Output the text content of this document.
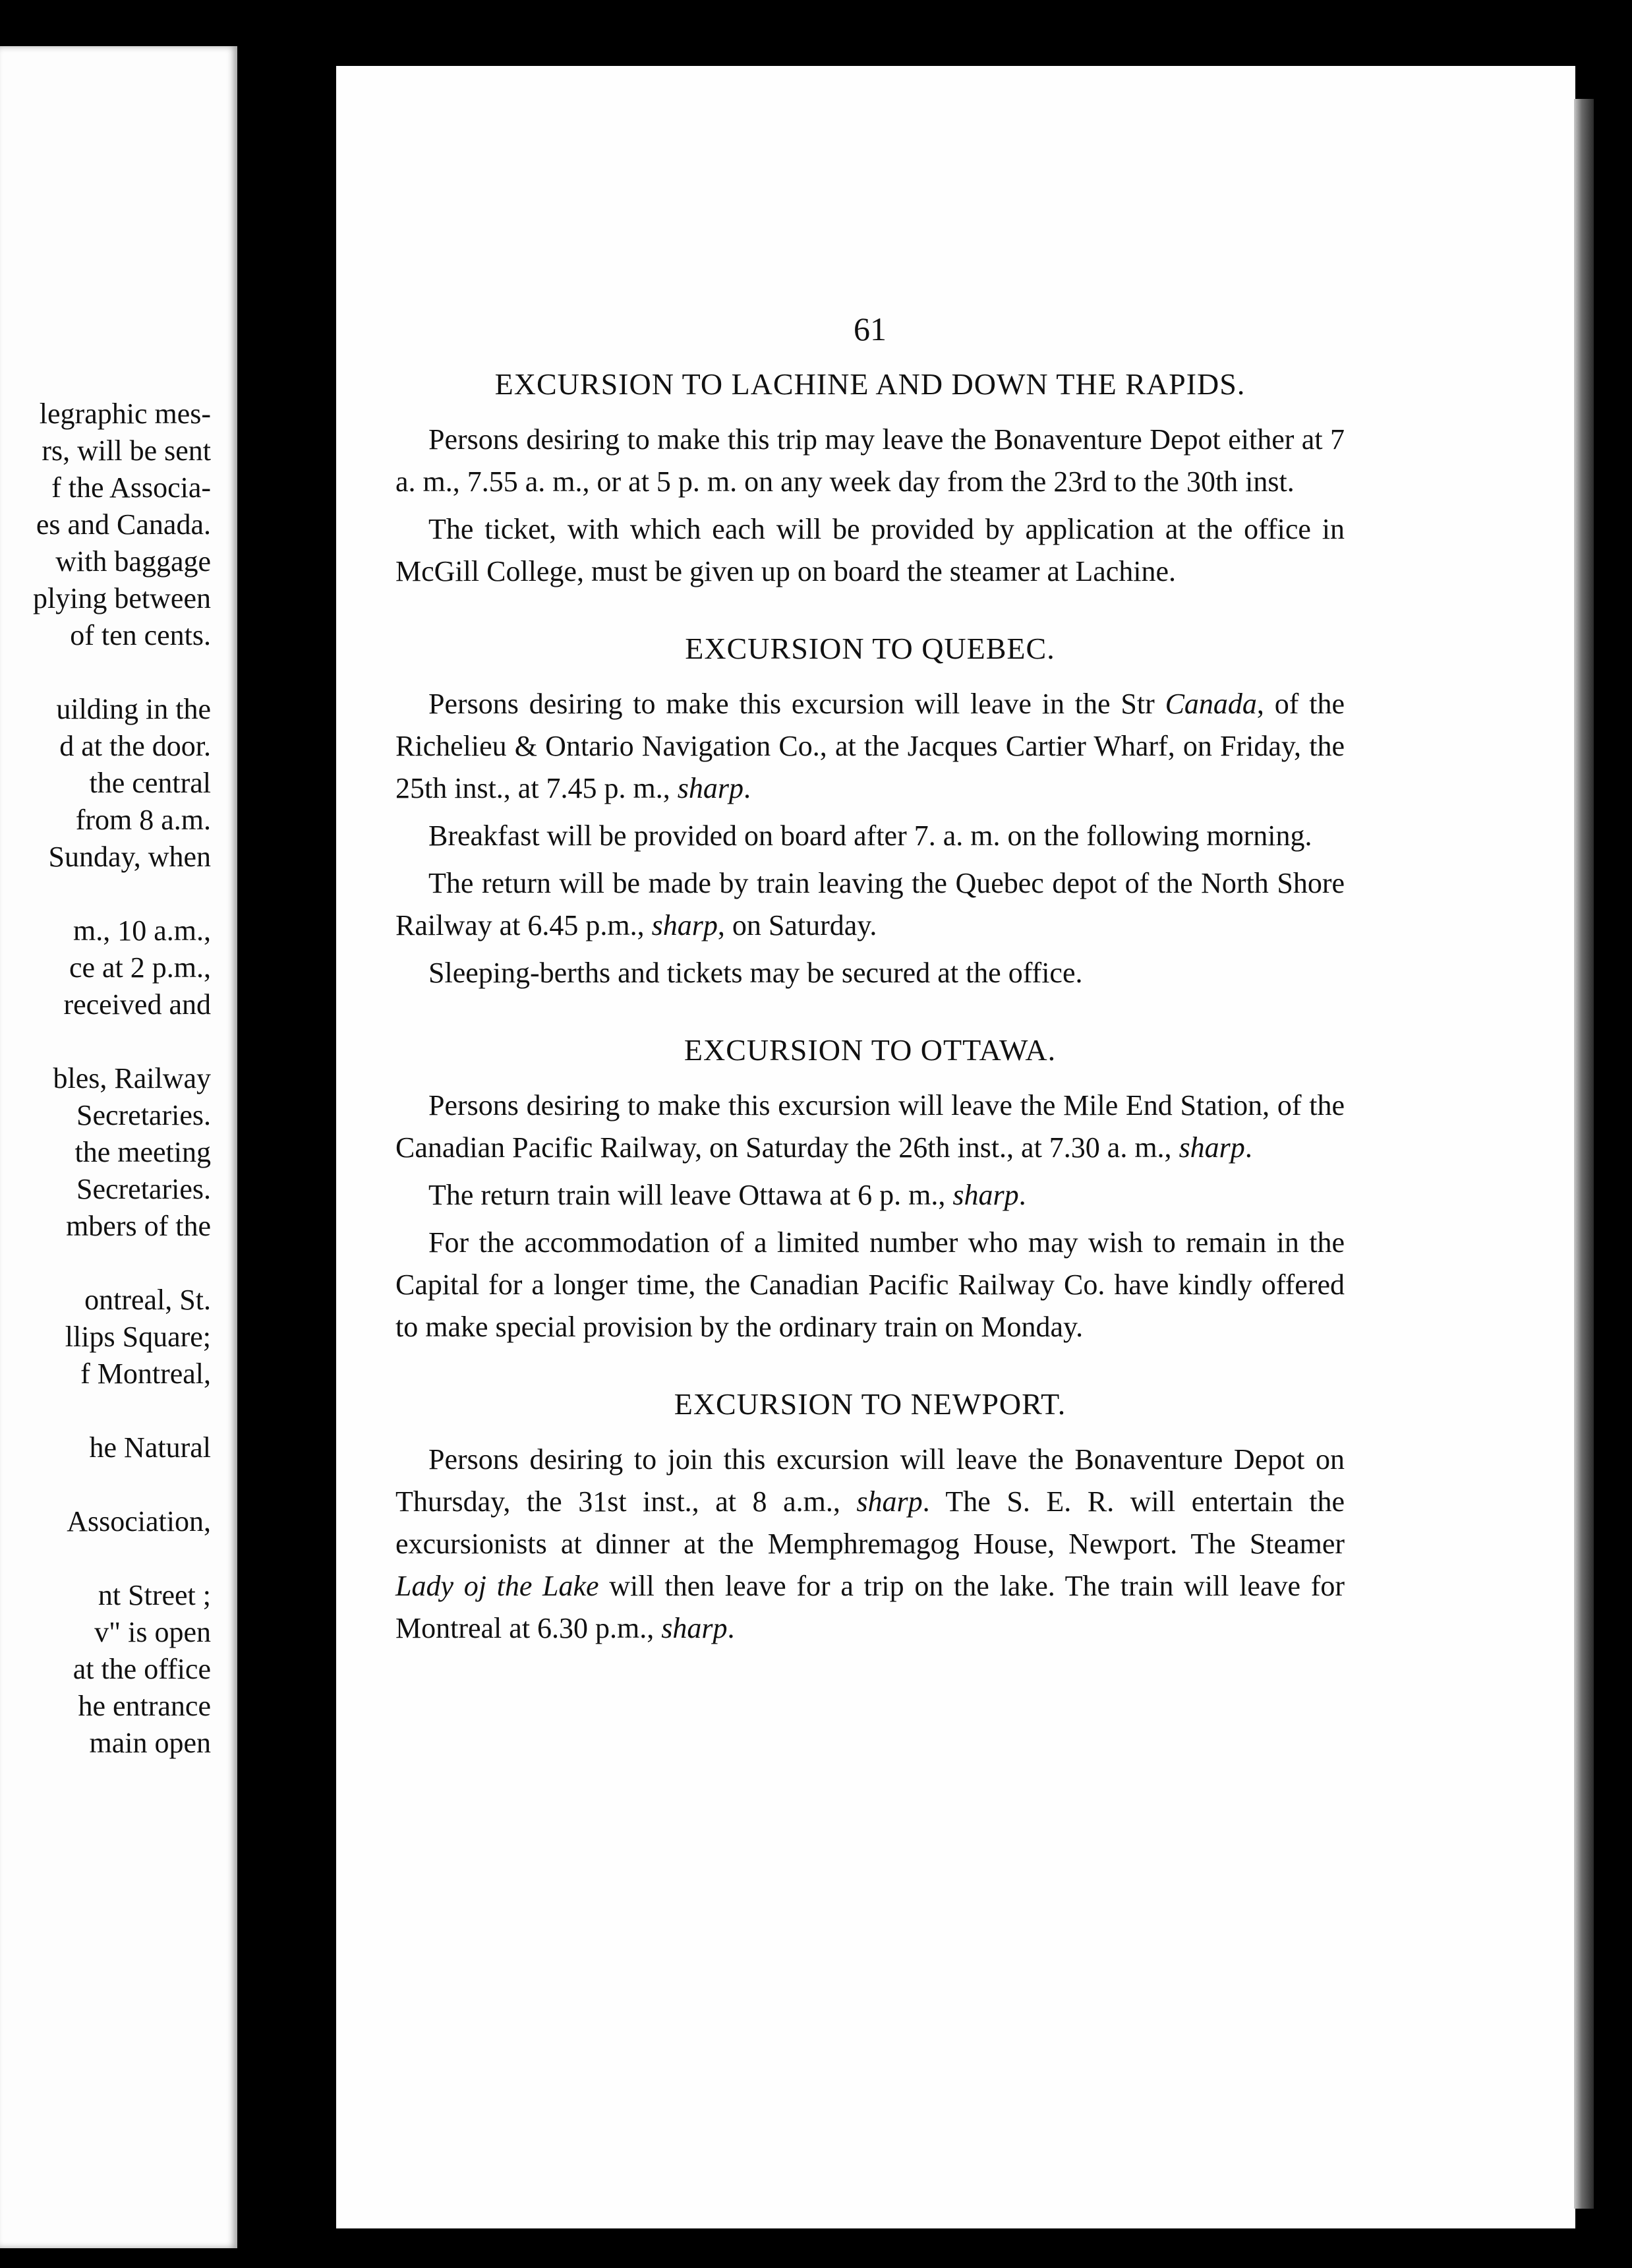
legraphic mes-
rs, will be sent
f the Associa-
es and Canada.
with baggage
plying between
of ten cents.

uilding in the
d at the door.
the central
from 8 a.m.
Sunday, when

m., 10 a.m.,
ce at 2 p.m.,
received and

bles, Railway
Secretaries.
the meeting
Secretaries.
mbers of the

ontreal, St.
llips Square;
f Montreal,

he Natural

Association,

nt Street ;
v" is open
at the office
he entrance
main open
61
EXCURSION TO LACHINE AND DOWN THE RAPIDS.

Persons desiring to make this trip may leave the Bonaventure Depot either at 7 a. m., 7.55 a. m., or at 5 p. m. on any week day from the 23rd to the 30th inst.

The ticket, with which each will be provided by application at the office in McGill College, must be given up on board the steamer at Lachine.

EXCURSION TO QUEBEC.

Persons desiring to make this excursion will leave in the Str Canada, of the Richelieu & Ontario Navigation Co., at the Jacques Cartier Wharf, on Friday, the 25th inst., at 7.45 p. m., sharp.

Breakfast will be provided on board after 7. a. m. on the following morning.

The return will be made by train leaving the Quebec depot of the North Shore Railway at 6.45 p.m., sharp, on Saturday.

Sleeping-berths and tickets may be secured at the office.

EXCURSION TO OTTAWA.

Persons desiring to make this excursion will leave the Mile End Station, of the Canadian Pacific Railway, on Saturday the 26th inst., at 7.30 a. m., sharp.

The return train will leave Ottawa at 6 p. m., sharp.

For the accommodation of a limited number who may wish to remain in the Capital for a longer time, the Canadian Pacific Railway Co. have kindly offered to make special provision by the ordinary train on Monday.

EXCURSION TO NEWPORT.

Persons desiring to join this excursion will leave the Bonaventure Depot on Thursday, the 31st inst., at 8 a.m., sharp. The S. E. R. will entertain the excursionists at dinner at the Memphremagog House, Newport. The Steamer Lady oj the Lake will then leave for a trip on the lake. The train will leave for Montreal at 6.30 p.m., sharp.
